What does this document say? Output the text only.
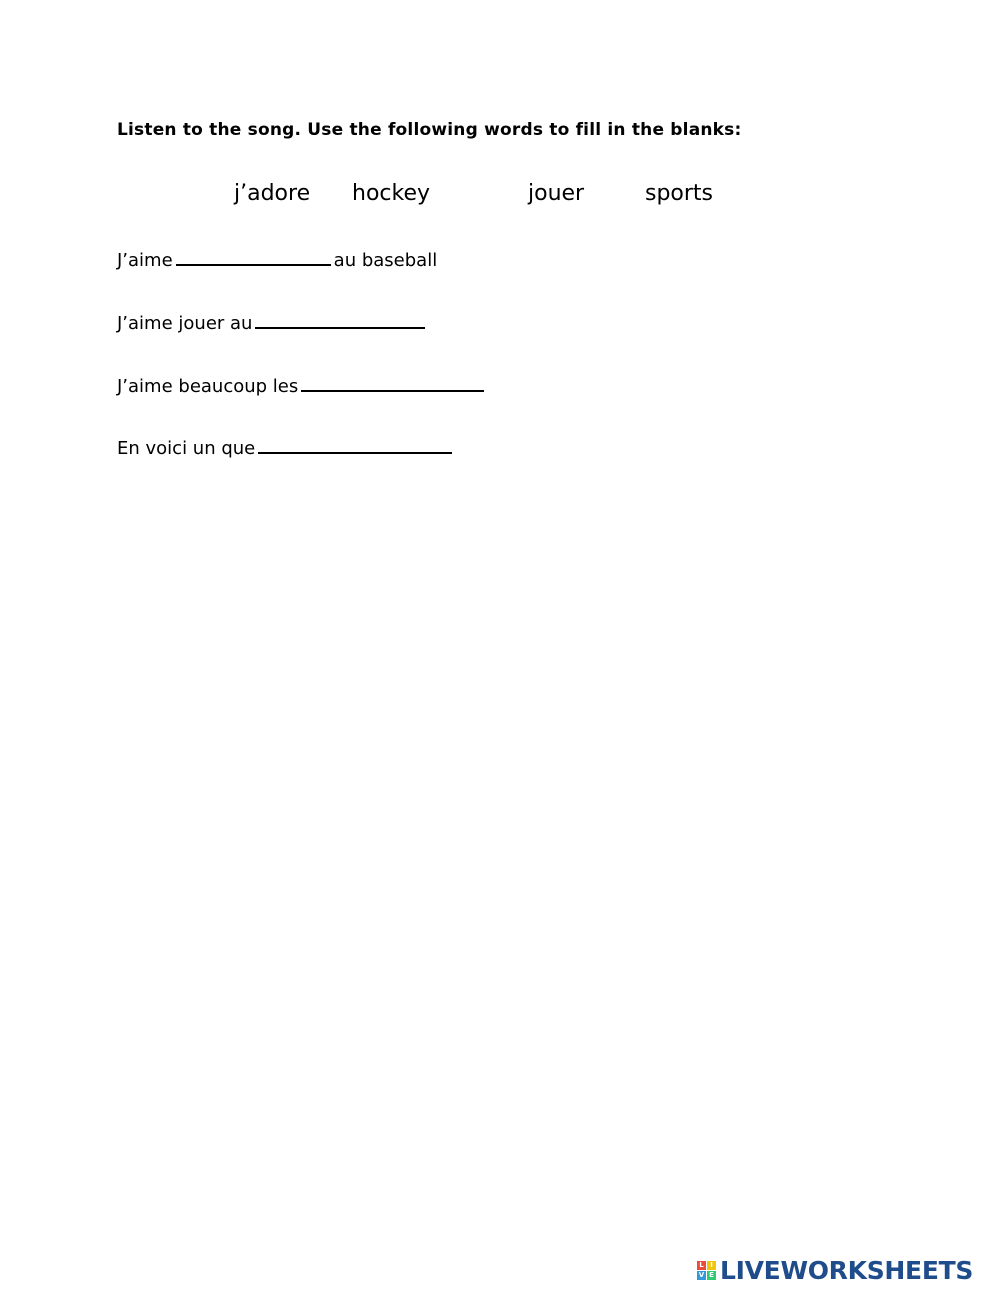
Listen to the song. Use the following words to fill in the blanks:
j’adore hockey	jouer	sports
J’aime	au baseball
J’aime jouer au
J’aime beaucoup les
En voici un que
L I
V E LIVEWORKSHEETS
